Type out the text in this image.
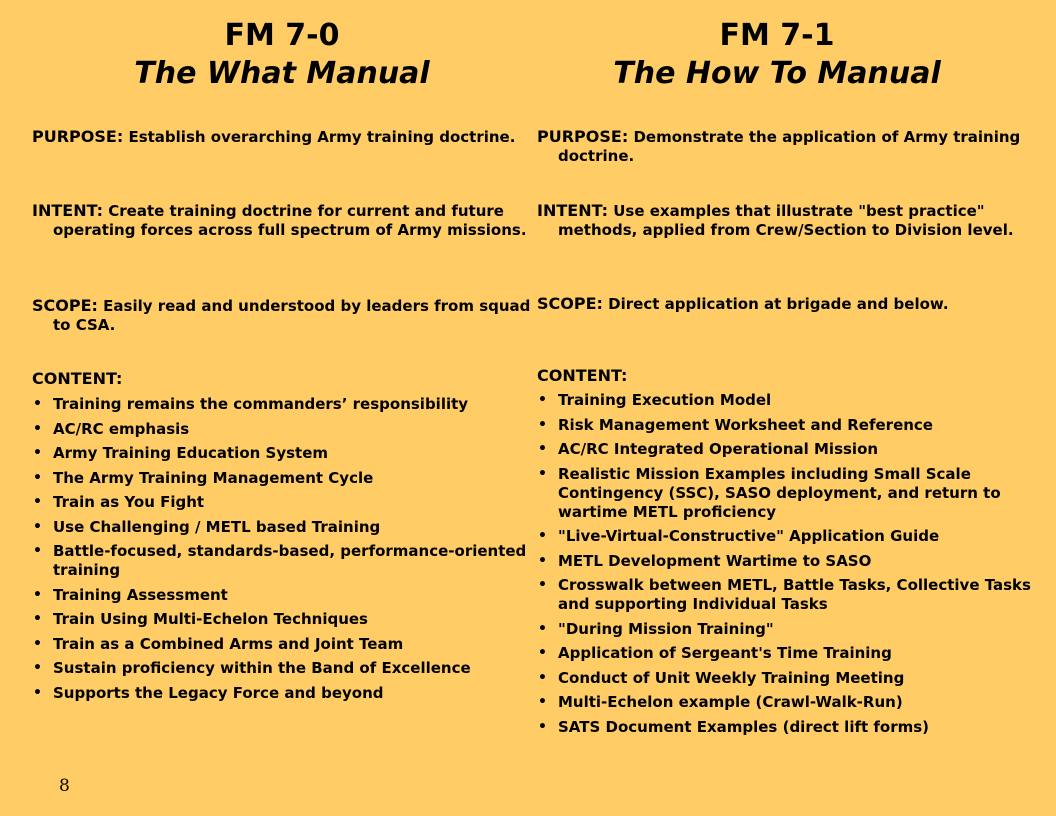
FM 7-0
The What Manual
PURPOSE: Establish overarching Army training doctrine.
INTENT: Create training doctrine for current and future operating forces across full spectrum of Army missions.
SCOPE: Easily read and understood by leaders from squad to CSA.
CONTENT:
• Training remains the commanders’ responsibility
• AC/RC emphasis
• Army Training Education System
• The Army Training Management Cycle
• Train as You Fight
• Use Challenging / METL based Training
• Battle-focused, standards-based, performance-oriented training
• Training Assessment
• Train Using Multi-Echelon Techniques
• Train as a Combined Arms and Joint Team
• Sustain proficiency within the Band of Excellence
• Supports the Legacy Force and beyond
FM 7-1
The How To Manual
PURPOSE: Demonstrate the application of Army training doctrine.
INTENT: Use examples that illustrate "best practice" methods, applied from Crew/Section to Division level.
SCOPE: Direct application at brigade and below.
CONTENT:
• Training Execution Model
• Risk Management Worksheet and Reference
• AC/RC Integrated Operational Mission
• Realistic Mission Examples including Small Scale Contingency (SSC), SASO deployment, and return to wartime METL proficiency
• "Live-Virtual-Constructive" Application Guide
• METL Development Wartime to SASO
• Crosswalk between METL, Battle Tasks, Collective Tasks and supporting Individual Tasks
• "During Mission Training"
• Application of Sergeant's Time Training
• Conduct of Unit Weekly Training Meeting
• Multi-Echelon example (Crawl-Walk-Run)
• SATS Document Examples (direct lift forms)
8
